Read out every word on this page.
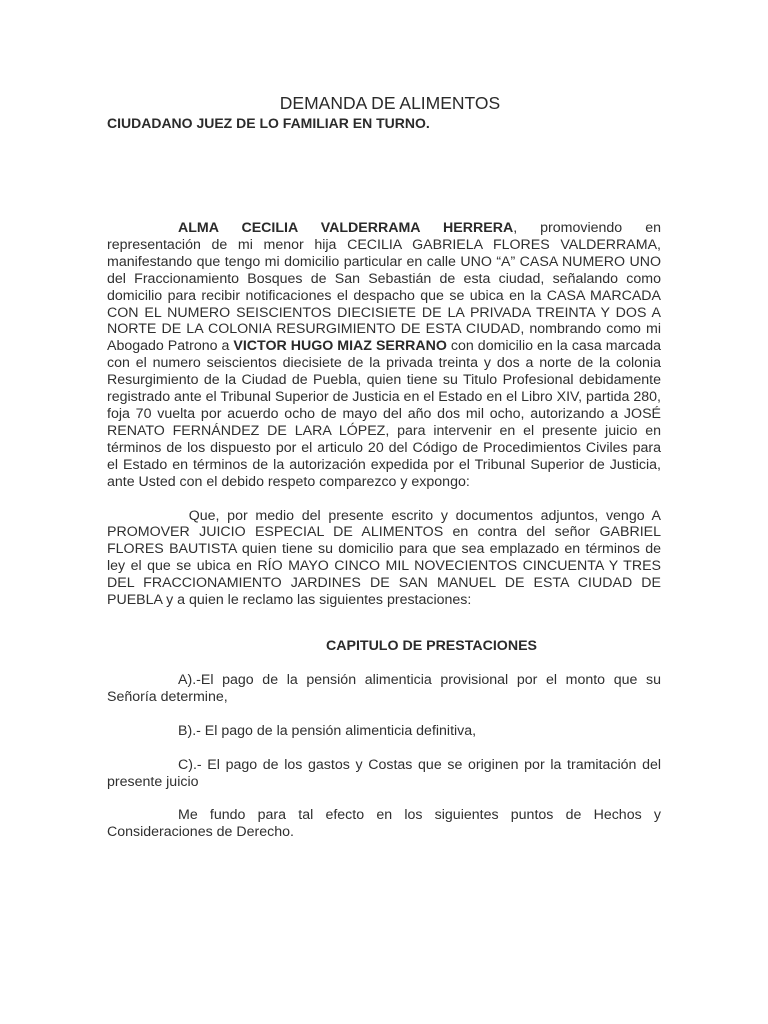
DEMANDA DE ALIMENTOS

CIUDADANO JUEZ DE LO FAMILIAR EN TURNO.

ALMA CECILIA VALDERRAMA HERRERA, promoviendo en representación de mi menor hija CECILIA GABRIELA FLORES VALDERRAMA, manifestando que tengo mi domicilio particular en calle UNO “A” CASA NUMERO UNO del Fraccionamiento Bosques de San Sebastián de esta ciudad, señalando como domicilio para recibir notificaciones el despacho que se ubica en la CASA MARCADA CON EL NUMERO SEISCIENTOS DIECISIETE DE LA PRIVADA TREINTA Y DOS A NORTE DE LA COLONIA RESURGIMIENTO DE ESTA CIUDAD, nombrando como mi Abogado Patrono a VICTOR HUGO MIAZ SERRANO con domicilio en la casa marcada con el numero seiscientos diecisiete de la privada treinta y dos a norte de la colonia Resurgimiento de la Ciudad de Puebla, quien tiene su Titulo Profesional debidamente registrado ante el Tribunal Superior de Justicia en el Estado en el Libro XIV, partida 280, foja 70 vuelta por acuerdo ocho de mayo del año dos mil ocho, autorizando a JOSÉ RENATO FERNÁNDEZ DE LARA LÓPEZ, para intervenir en el presente juicio en términos de los dispuesto por el articulo 20 del Código de Procedimientos Civiles para el Estado en términos de la autorización expedida por el Tribunal Superior de Justicia, ante Usted con el debido respeto comparezco y expongo:

Que, por medio del presente escrito y documentos adjuntos, vengo A PROMOVER JUICIO ESPECIAL DE ALIMENTOS en contra del señor GABRIEL FLORES BAUTISTA quien tiene su domicilio para que sea emplazado en términos de ley el que se ubica en RÍO MAYO CINCO MIL NOVECIENTOS CINCUENTA Y TRES DEL FRACCIONAMIENTO JARDINES DE SAN MANUEL DE ESTA CIUDAD DE PUEBLA y a quien le reclamo las siguientes prestaciones:

CAPITULO DE PRESTACIONES

A).-El pago de la pensión alimenticia provisional por el monto que su Señoría determine,

B).- El pago de la pensión alimenticia definitiva,

C).- El pago de los gastos y Costas que se originen por la tramitación del presente juicio

Me fundo para tal efecto en los siguientes puntos de Hechos y Consideraciones de Derecho.
